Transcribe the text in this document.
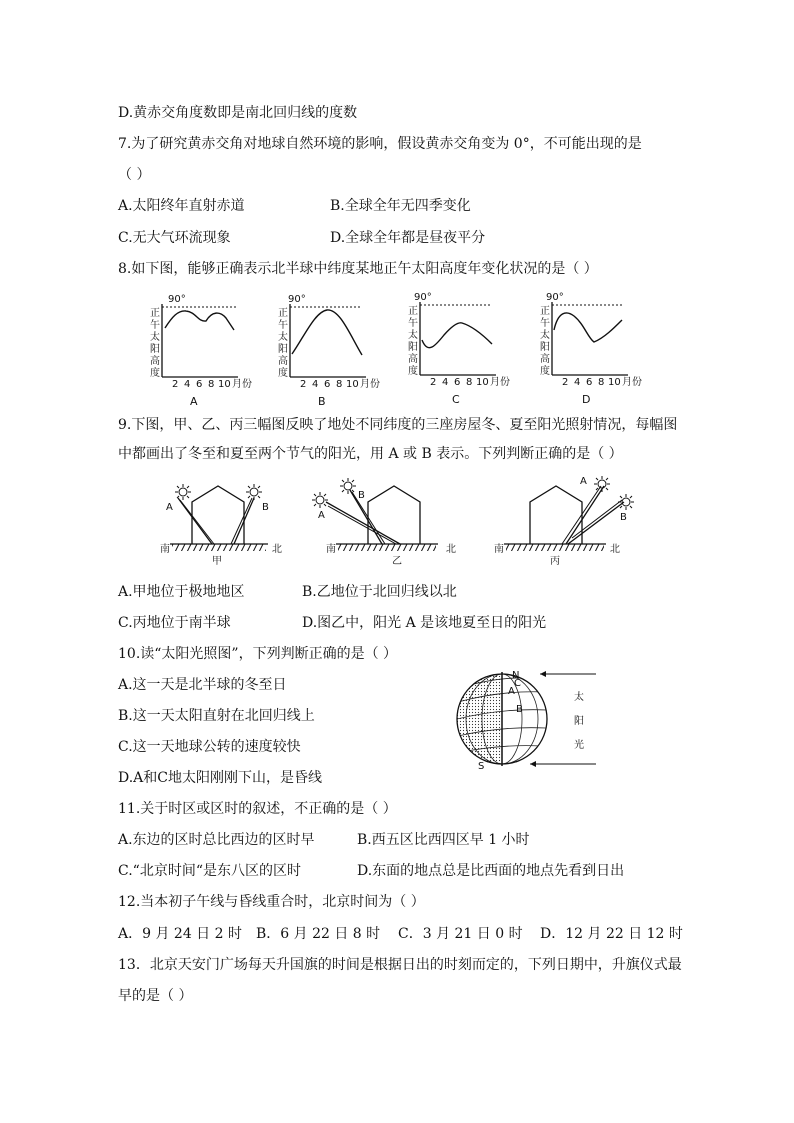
D.黄赤交角度数即是南北回归线的度数
7.为了研究黄赤交角对地球自然环境的影响，假设黄赤交角变为 0°，不可能出现的是
（ ）
A.太阳终年直射赤道	B.全球全年无四季变化
C.无大气环流现象	D.全球全年都是昼夜平分
8.如下图，能够正确表示北半球中纬度某地正午太阳高度年变化状况的是（ ）
90°
正
午
太
阳
高
度
2 4 6 8 10 月份
A
90°
正
午
太
阳
高
度
2 4 6 8 10 月份
B
90°
正
午
太
阳
高
度
2 4 6 8 10 月份
C
90°
正
午
太
阳
高
度
2 4 6 8 10 月份
D
9.下图，甲、乙、丙三幅图反映了地处不同纬度的三座房屋冬、夏至阳光照射情况，每幅图
中都画出了冬至和夏至两个节气的阳光，用 A 或 B 表示。下列判断正确的是（ ）
A	B
南	北
甲
A
B
南	北
乙
A
B
南	北
丙
A.甲地位于极地地区	B.乙地位于北回归线以北
C.丙地位于南半球	D.图乙中，阳光 A 是该地夏至日的阳光
10.读“太阳光照图”，下列判断正确的是（ ）
A.这一天是北半球的冬至日
B.这一天太阳直射在北回归线上
C.这一天地球公转的速度较快
D.A和C地太阳刚刚下山，是昏线
N
S
A
B
C
太
阳
光
11.关于时区或区时的叙述，不正确的是（ ）
A.东边的区时总比西边的区时早	B.西五区比西四区早 1 小时
C.“北京时间“是东八区的区时	D.东面的地点总是比西面的地点先看到日出
12.当本初子午线与昏线重合时，北京时间为（ ）
A．9 月 24 日 2 时 B．6 月 22 日 8 时 C．3 月 21 日 0 时 D．12 月 22 日 12 时
13．北京天安门广场每天升国旗的时间是根据日出的时刻而定的，下列日期中，升旗仪式最
早的是（ ）
